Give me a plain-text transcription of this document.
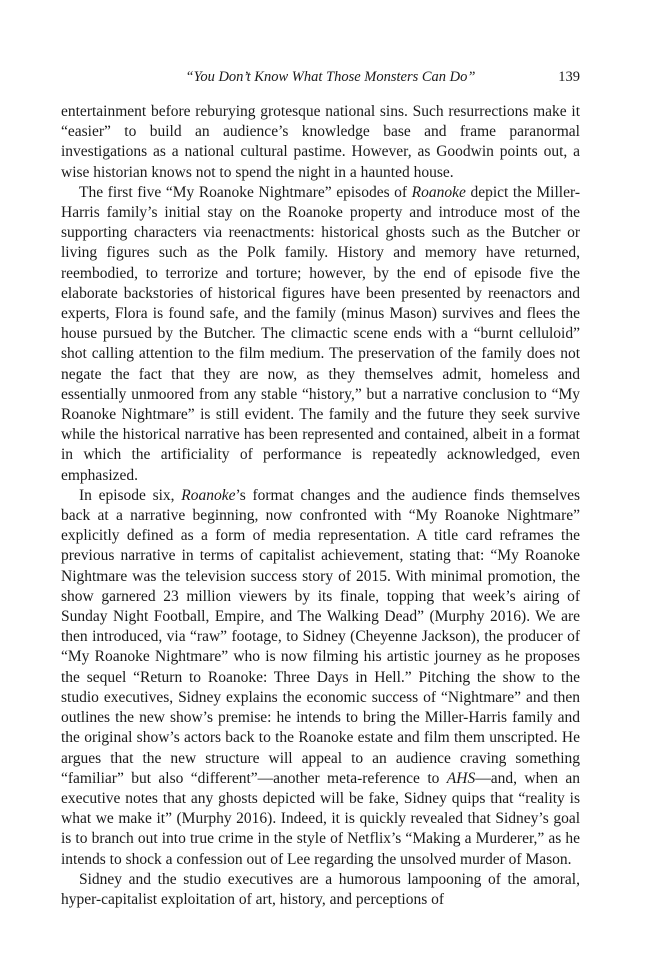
“You Don’t Know What Those Monsters Can Do”	139

entertainment before reburying grotesque national sins. Such resurrections make it “easier” to build an audience’s knowledge base and frame paranormal investigations as a national cultural pastime. However, as Goodwin points out, a wise historian knows not to spend the night in a haunted house.

The first five “My Roanoke Nightmare” episodes of Roanoke depict the Miller-Harris family’s initial stay on the Roanoke property and introduce most of the supporting characters via reenactments: historical ghosts such as the Butcher or living figures such as the Polk family. History and memory have returned, reembodied, to terrorize and torture; however, by the end of episode five the elaborate backstories of historical figures have been presented by reenactors and experts, Flora is found safe, and the family (minus Mason) survives and flees the house pursued by the Butcher. The climactic scene ends with a “burnt celluloid” shot calling attention to the film medium. The preservation of the family does not negate the fact that they are now, as they themselves admit, homeless and essentially unmoored from any stable “history,” but a narrative conclusion to “My Roanoke Nightmare” is still evident. The family and the future they seek survive while the historical narrative has been represented and contained, albeit in a format in which the artificiality of performance is repeatedly acknowledged, even emphasized.

In episode six, Roanoke’s format changes and the audience finds themselves back at a narrative beginning, now confronted with “My Roanoke Nightmare” explicitly defined as a form of media representation. A title card reframes the previous narrative in terms of capitalist achievement, stating that: “My Roanoke Nightmare was the television success story of 2015. With minimal promotion, the show garnered 23 million viewers by its finale, topping that week’s airing of Sunday Night Football, Empire, and The Walking Dead” (Murphy 2016). We are then introduced, via “raw” footage, to Sidney (Cheyenne Jackson), the producer of “My Roanoke Nightmare” who is now filming his artistic journey as he proposes the sequel “Return to Roanoke: Three Days in Hell.” Pitching the show to the studio executives, Sidney explains the economic success of “Nightmare” and then outlines the new show’s premise: he intends to bring the Miller-Harris family and the original show’s actors back to the Roanoke estate and film them unscripted. He argues that the new structure will appeal to an audience craving something “familiar” but also “different”—another meta-reference to AHS—and, when an executive notes that any ghosts depicted will be fake, Sidney quips that “reality is what we make it” (Murphy 2016). Indeed, it is quickly revealed that Sidney’s goal is to branch out into true crime in the style of Netflix’s “Making a Murderer,” as he intends to shock a confession out of Lee regarding the unsolved murder of Mason.

Sidney and the studio executives are a humorous lampooning of the amoral, hyper-capitalist exploitation of art, history, and perceptions of
